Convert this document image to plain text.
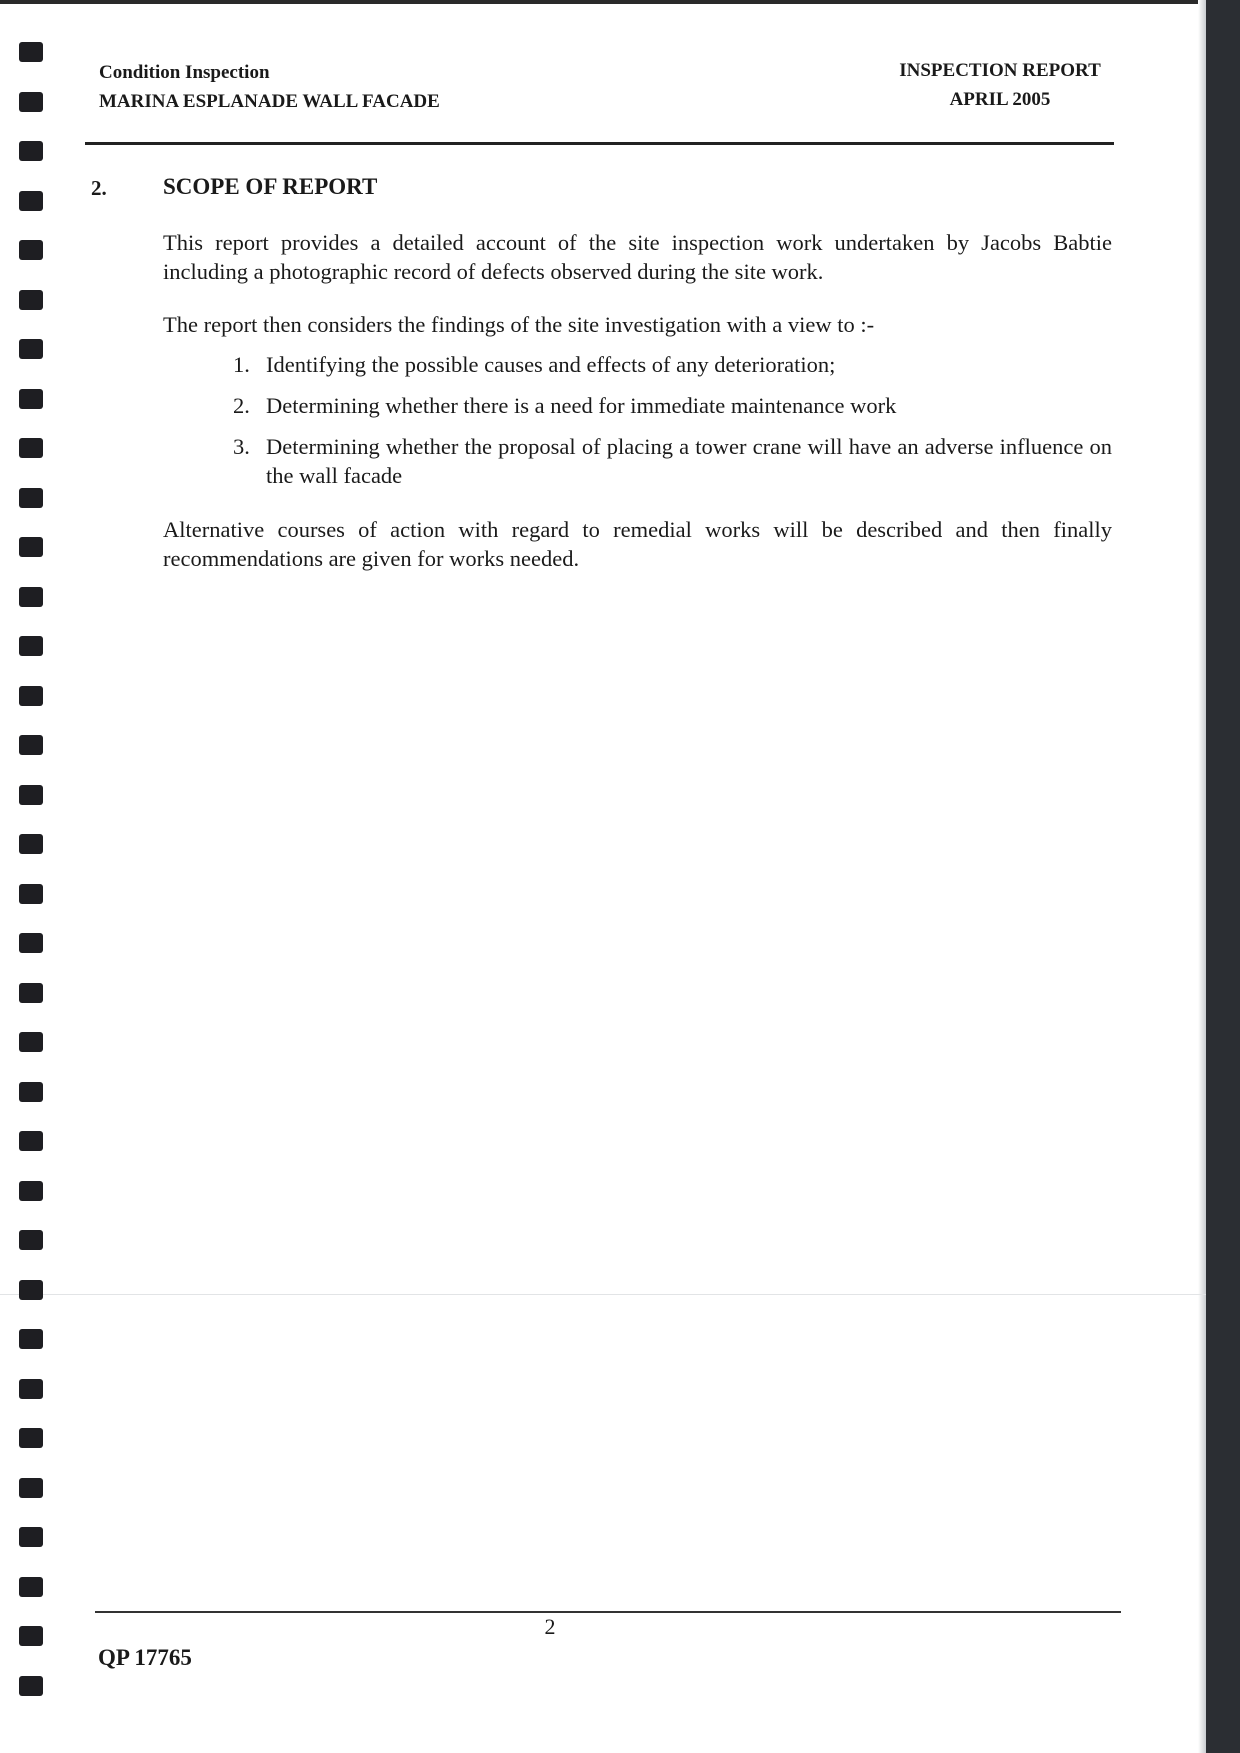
Condition Inspection
MARINA ESPLANADE WALL FACADE
INSPECTION REPORT
APRIL 2005
2. SCOPE OF REPORT

This report provides a detailed account of the site inspection work undertaken by Jacobs Babtie including a photographic record of defects observed during the site work.

The report then considers the findings of the site investigation with a view to :-

1. Identifying the possible causes and effects of any deterioration;
2. Determining whether there is a need for immediate maintenance work
3. Determining whether the proposal of placing a tower crane will have an adverse influence on the wall facade

Alternative courses of action with regard to remedial works will be described and then finally recommendations are given for works needed.

2
QP 17765
